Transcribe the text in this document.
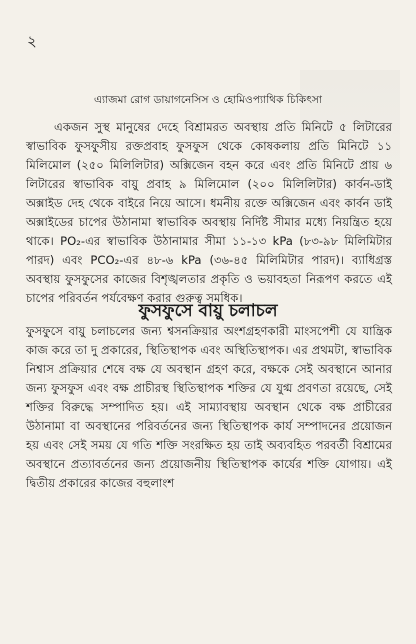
২
এ্যাজমা রোগ ডায়াগনেসিস ও হোমিওপ্যাথিক চিকিৎসা

একজন সুস্থ মানুষের দেহে বিশ্রামরত অবস্থায় প্রতি মিনিটে ৫ লিটারের স্বাভাবিক ফুসফুসীয় রক্তপ্রবাহ ফুসফুস থেকে কোষকলায় প্রতি মিনিটে ১১ মিলিমোল (২৫০ মিলিলিটার) অক্সিজেন বহন করে এবং প্রতি মিনিটে প্রায় ৬ লিটারের স্বাভাবিক বায়ু প্রবাহ ৯ মিলিমোল (২০০ মিলিলিটার) কার্বন-ডাই অক্সাইড দেহ থেকে বাইরে নিয়ে আসে। ধমনীয় রক্তে অক্সিজেন এবং কার্বন ডাই অক্সাইডের চাপের উঠানামা স্বাভাবিক অবস্থায় নির্দিষ্ট সীমার মধ্যে নিয়ন্ত্রিত হয়ে থাকে। PO₂-এর স্বাভাবিক উঠানামার সীমা ১১-১৩ kPa (৮৩-৯৮ মিলিমিটার পারদ) এবং PCO₂-এর ৪৮-৬ kPa (৩৬-৪৫ মিলিমিটার পারদ)। ব্যাধিগ্রস্ত অবস্থায় ফুসফুসের কাজের বিশৃঙ্খলতার প্রকৃতি ও ভয়াবহতা নিরূপণ করতে এই চাপের পরিবর্তন পর্যবেক্ষণ করার গুরুত্ব সমধিক।

ফুসফুসে বায়ু চলাচল

ফুসফুসে বায়ু চলাচলের জন্য শ্বসনক্রিয়ার অংশগ্রহণকারী মাংসপেশী যে যান্ত্রিক কাজ করে তা দু প্রকারের, স্থিতিস্থাপক এবং অস্থিতিস্থাপক। এর প্রথমটা, স্বাভাবিক নিশ্বাস প্রক্রিয়ার শেষে বক্ষ যে অবস্থান গ্রহণ করে, বক্ষকে সেই অবস্থানে আনার জন্য ফুসফুস এবং বক্ষ প্রাচীরস্থ স্থিতিস্থাপক শক্তির যে যুগ্ম প্রবণতা রয়েছে, সেই শক্তির বিরুদ্ধে সম্পাদিত হয়। এই সাম্যাবস্থায় অবস্থান থেকে বক্ষ প্রাচীরের উঠানামা বা অবস্থানের পরিবর্তনের জন্য স্থিতিস্থাপক কার্য সম্পাদনের প্রয়োজন হয় এবং সেই সময় যে গতি শক্তি সংরক্ষিত হয় তাই অব্যবহিত পরবর্তী বিশ্রামের অবস্থানে প্রত্যাবর্তনের জন্য প্রয়োজনীয় স্থিতিস্থাপক কার্যের শক্তি যোগায়। এই দ্বিতীয় প্রকারের কাজের বহুলাংশ
